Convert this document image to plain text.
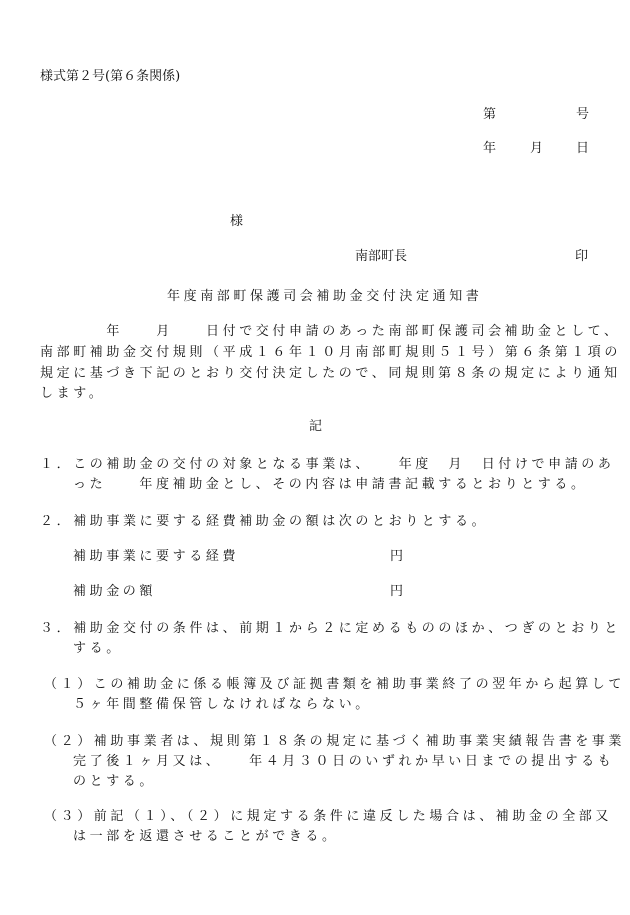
様式第２号(第６条関係)
第	号
年	月	日
様
南部町長	印
年度南部町保護司会補助金交付決定通知書
　　　　年　　月　　日付で交付申請のあった南部町保護司会補助金として、
南部町補助金交付規則（平成１６年１０月南部町規則５１号）第６条第１項の
規定に基づき下記のとおり交付決定したので、同規則第８条の規定により通知
します。
記
１．この補助金の交付の対象となる事業は、　　年度　月　日付けで申請のあ
った　　年度補助金とし、その内容は申請書記載するとおりとする。
２．補助事業に要する経費補助金の額は次のとおりとする。
補助事業に要する経費	円
補助金の額	円
３．補助金交付の条件は、前期１から２に定めるもののほか、つぎのとおりと
する。
（１）この補助金に係る帳簿及び証拠書類を補助事業終了の翌年から起算して
５ヶ年間整備保管しなければならない。
（２）補助事業者は、規則第１８条の規定に基づく補助事業実績報告書を事業
完了後１ヶ月又は、　　年４月３０日のいずれか早い日までの提出するも
のとする。
（３）前記（１）、（２）に規定する条件に違反した場合は、補助金の全部又
は一部を返還させることができる。
